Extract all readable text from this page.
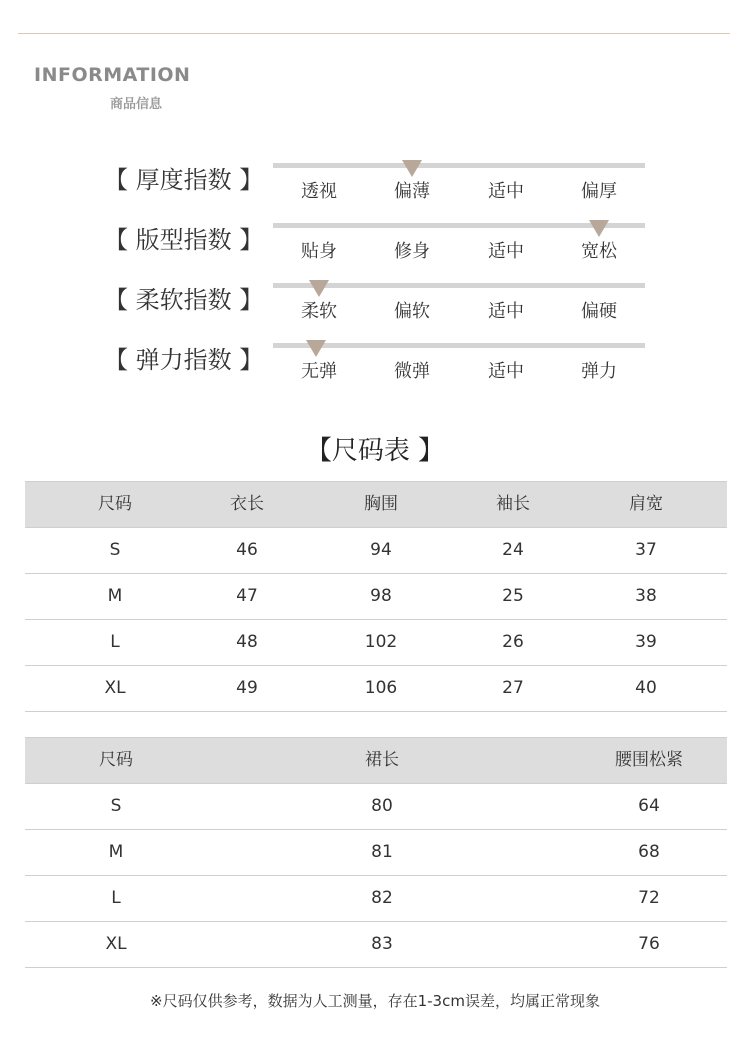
INFORMATION
商品信息
【 厚度指数 】	透视	偏薄	适中	偏厚
【 版型指数 】	贴身	修身	适中	宽松
【 柔软指数 】	柔软	偏软	适中	偏硬
【 弹力指数 】	无弹	微弹	适中	弹力
【尺码表 】
尺码	衣长	胸围	袖长	肩宽
S	46	94	24	37
M	47	98	25	38
L	48	102	26	39
XL	49	106	27	40
尺码	裙长	腰围松紧
S	80	64
M	81	68
L	82	72
XL	83	76
※尺码仅供参考，数据为人工测量，存在1-3cm误差，均属正常现象
